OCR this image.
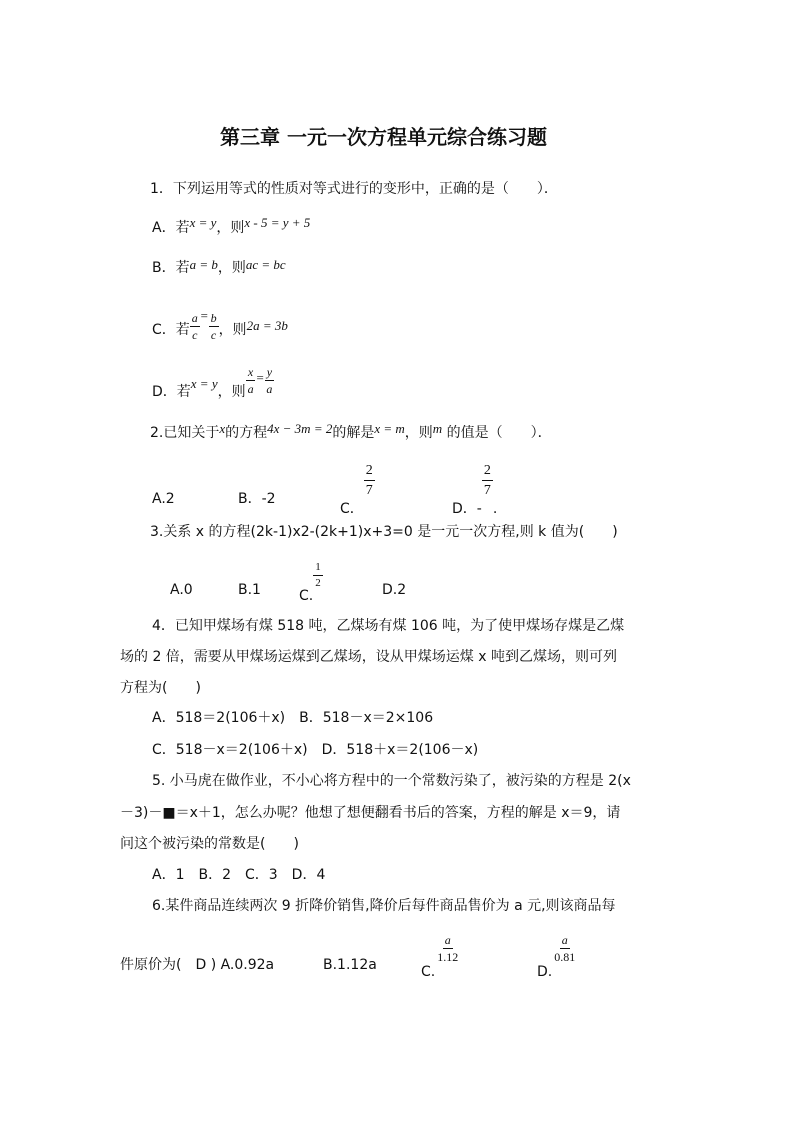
第三章 一元一次方程单元综合练习题
1．下列运用等式的性质对等式进行的变形中，正确的是（　　）．
A．若x = y，则x - 5 = y + 5
B．若a = b，则ac = bc
C．若 $\frac{a}{c} = \frac{b}{c}$ ，则2a = 3b
D．若x = y，则 $\frac{x}{a} = \frac{y}{a}$
2.已知关于x的方程4x − 3m = 2的解是x = m，则m 的值是（　　）．
A.2	B．-2
C．
$\frac{2}{7}$
D．-
$\frac{2}{7}$
.
3.关系 x 的方程(2k-1)x2-(2k+1)x+3=0 是一元一次方程,则 k 值为(　　)
A.0	B.1	C.
$\frac{1}{2}$	D.2
4．已知甲煤场有煤 518 吨，乙煤场有煤 106 吨，为了使甲煤场存煤是乙煤
场的 2 倍，需要从甲煤场运煤到乙煤场，设从甲煤场运煤 x 吨到乙煤场，则可列
方程为(　　)
A．518＝2(106＋x)　B．518－x＝2×106
C．518－x＝2(106＋x)　D．518＋x＝2(106－x)
5. 小马虎在做作业，不小心将方程中的一个常数污染了，被污染的方程是 2(x
－3)－■＝x＋1，怎么办呢？他想了想便翻看书后的答案，方程的解是 x＝9，请
问这个被污染的常数是(　　)
A．1　B．2　C．3　D．4
6.某件商品连续两次 9 折降价销售,降价后每件商品售价为 a 元,则该商品每
件原价为(　D ) A.0.92a	B.1.12a	C.
$\frac{a}{1.12}$
D.
$\frac{a}{0.81}$
